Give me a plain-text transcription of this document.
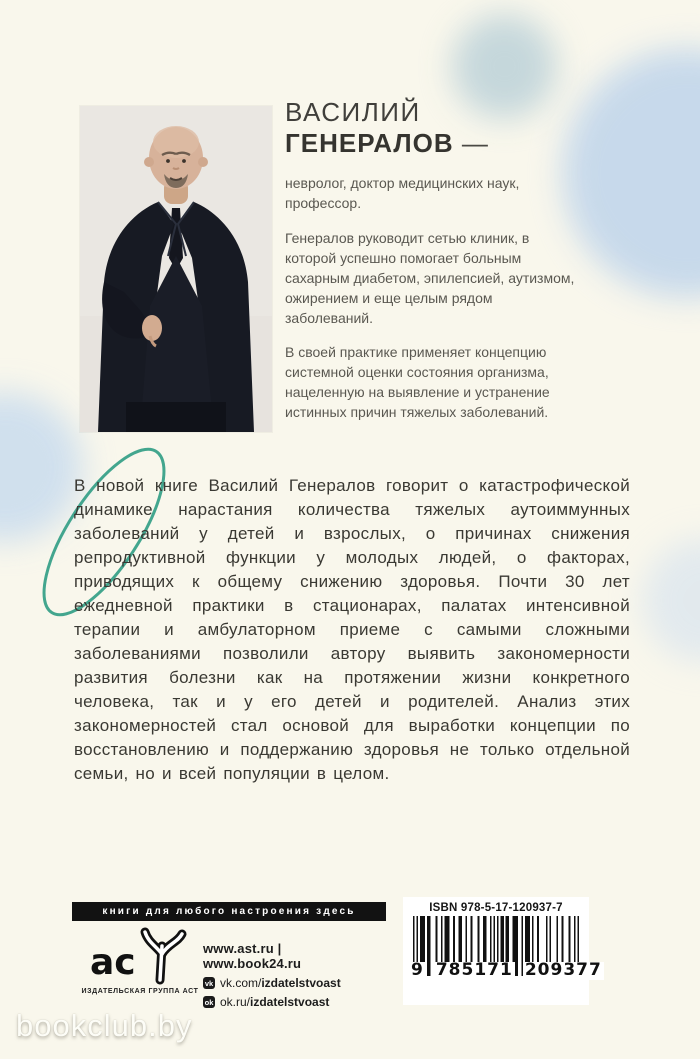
ВАСИЛИЙ
ГЕНЕРАЛОВ —
невролог, доктор медицинских наук, профессор.
Генералов руководит сетью клиник, в которой успешно помогает больным сахарным диабетом, эпилепсией, аутизмом, ожирением и еще целым рядом заболеваний.
В своей практике применяет концепцию системной оценки состояния организма, нацеленную на выявление и устранение истинных причин тяжелых заболеваний.
В новой книге Василий Генералов говорит о катастрофической динамике нарастания количества тяжелых аутоиммунных заболеваний у детей и взрослых, о причинах снижения репродуктивной функции у молодых людей, о факторах, приводящих к общему снижению здоровья. Почти 30 лет ежедневной практики в стационарах, палатах интенсивной терапии и амбулаторном приеме с самыми сложными заболеваниями позволили автору выявить закономерности развития болезни как на протяжении жизни конкретного человека, так и у его детей и родителей. Анализ этих закономерностей стал основой для выработки концепции по восстановлению и поддержанию здоровья не только отдельной семьи, но и всей популяции в целом.
книги для любого настроения здесь
ас
ИЗДАТЕЛЬСКАЯ ГРУППА АСТ
www.ast.ru | www.book24.ru
vk vk.com/izdatelstvoast
ok ok.ru/izdatelstvoast
ISBN 978-5-17-120937-7
9 785171 209377
bookclub.by
